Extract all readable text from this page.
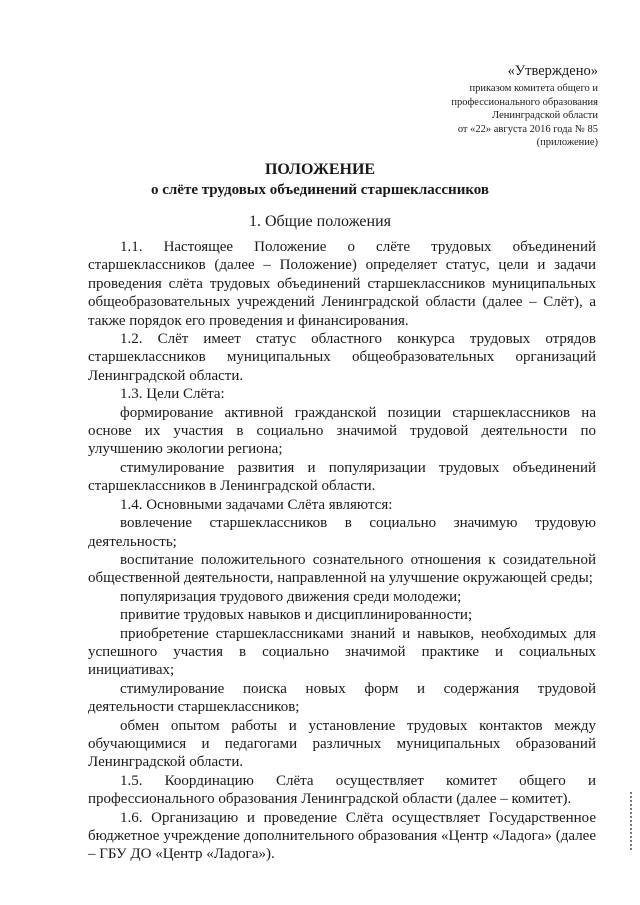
«Утверждено»
приказом комитета общего и
профессионального образования
Ленинградской области
от «22» августа 2016 года № 85
(приложение)
ПОЛОЖЕНИЕ
о слёте трудовых объединений старшеклассников
1. Общие положения

1.1. Настоящее Положение о слёте трудовых объединений старшеклассников (далее – Положение) определяет статус, цели и задачи проведения слёта трудовых объединений старшеклассников муниципальных общеобразовательных учреждений Ленинградской области (далее – Слёт), а также порядок его проведения и финансирования.

1.2. Слёт имеет статус областного конкурса трудовых отрядов старшеклассников муниципальных общеобразовательных организаций Ленинградской области.

1.3. Цели Слёта:

формирование активной гражданской позиции старшеклассников на основе их участия в социально значимой трудовой деятельности по улучшению экологии региона;

стимулирование развития и популяризации трудовых объединений старшеклассников в Ленинградской области.

1.4. Основными задачами Слёта являются:

вовлечение старшеклассников в социально значимую трудовую деятельность;

воспитание положительного сознательного отношения к созидательной общественной деятельности, направленной на улучшение окружающей среды;

популяризация трудового движения среди молодежи;

привитие трудовых навыков и дисциплинированности;

приобретение старшеклассниками знаний и навыков, необходимых для успешного участия в социально значимой практике и социальных инициативах;

стимулирование поиска новых форм и содержания трудовой деятельности старшеклассников;

обмен опытом работы и установление трудовых контактов между обучающимися и педагогами различных муниципальных образований Ленинградской области.

1.5. Координацию Слёта осуществляет комитет общего и профессионального образования Ленинградской области (далее – комитет).

1.6. Организацию и проведение Слёта осуществляет Государственное бюджетное учреждение дополнительного образования «Центр «Ладога» (далее – ГБУ ДО «Центр «Ладога»).
